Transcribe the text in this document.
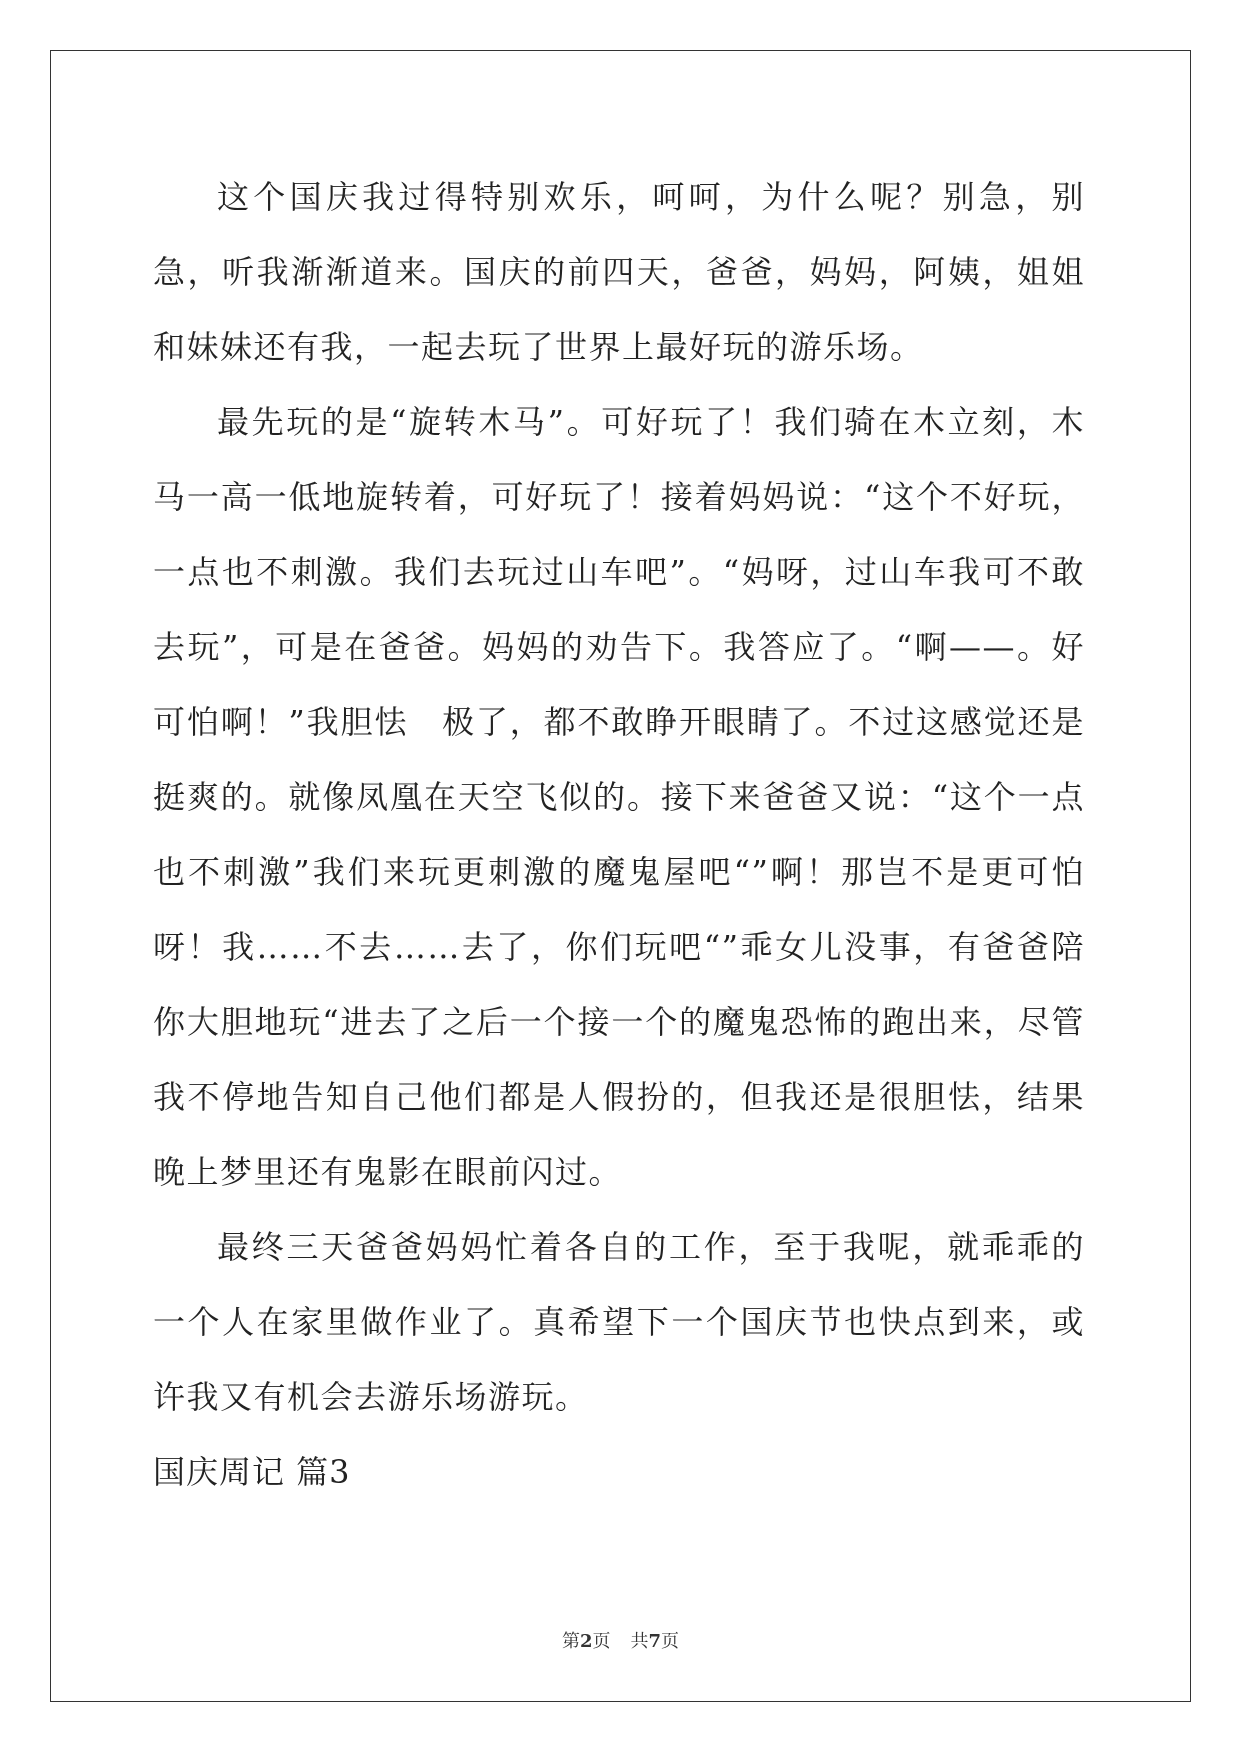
这个国庆我过得特别欢乐，呵呵，为什么呢？别急，别急，听我渐渐道来。国庆的前四天，爸爸，妈妈，阿姨，姐姐和妹妹还有我，一起去玩了世界上最好玩的游乐场。

最先玩的是“旋转木马”。可好玩了！我们骑在木立刻，木马一高一低地旋转着，可好玩了！接着妈妈说：“这个不好玩，一点也不刺激。我们去玩过山车吧”。“妈呀，过山车我可不敢去玩”，可是在爸爸。妈妈的劝告下。我答应了。“啊——。好可怕啊！”我胆怯　极了，都不敢睁开眼睛了。不过这感觉还是挺爽的。就像凤凰在天空飞似的。接下来爸爸又说：“这个一点也不刺激”我们来玩更刺激的魔鬼屋吧“”啊！那岂不是更可怕呀！我……不去……去了，你们玩吧“”乖女儿没事，有爸爸陪你大胆地玩“进去了之后一个接一个的魔鬼恐怖的跑出来，尽管我不停地告知自己他们都是人假扮的，但我还是很胆怯，结果晚上梦里还有鬼影在眼前闪过。

最终三天爸爸妈妈忙着各自的工作，至于我呢，就乖乖的一个人在家里做作业了。真希望下一个国庆节也快点到来，或许我又有机会去游乐场游玩。

国庆周记 篇3

第2页 共7页
